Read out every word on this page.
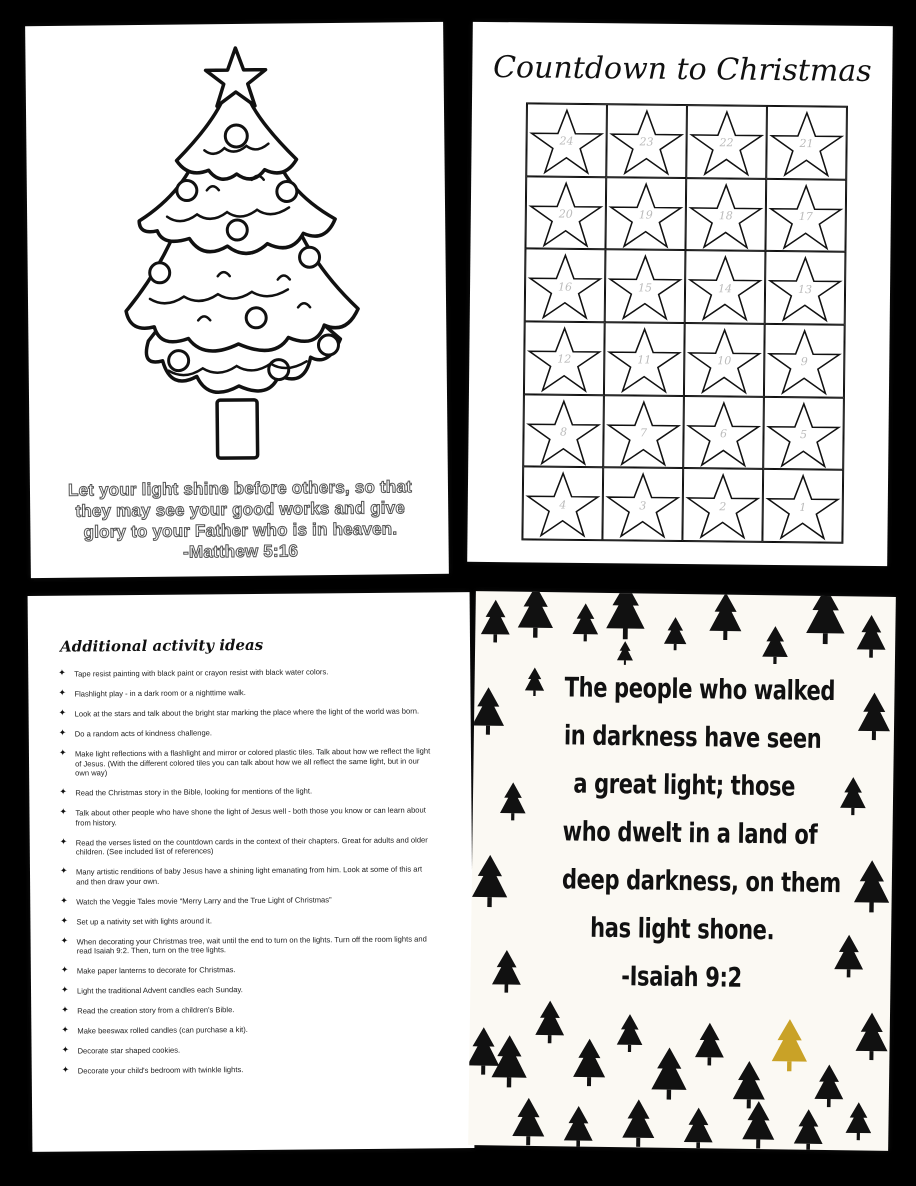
Let your light shine before others, so that
they may see your good works and give
glory to your Father who is in heaven.
-Matthew 5:16
Countdown to Christmas
24	23	22	21
20	19	18	17
16	15	14	13
12	11	10	9
8	7	6	5
4	3	2	1
Additional activity ideas
✦ Tape resist painting with black paint or crayon resist with black water colors.
✦ Flashlight play - in a dark room or a nighttime walk.
✦ Look at the stars and talk about the bright star marking the place where the light of the world was born.
✦ Do a random acts of kindness challenge.
✦ Make light reflections with a flashlight and mirror or colored plastic tiles. Talk about how we reflect the light of Jesus. (With the different colored tiles you can talk about how we all reflect the same light, but in our own way)
✦ Read the Christmas story in the Bible, looking for mentions of the light.
✦ Talk about other people who have shone the light of Jesus well - both those you know or can learn about from history.
✦ Read the verses listed on the countdown cards in the context of their chapters. Great for adults and older children. (See included list of references)
✦ Many artistic renditions of baby Jesus have a shining light emanating from him. Look at some of this art and then draw your own.
✦ Watch the Veggie Tales movie “Merry Larry and the True Light of Christmas”
✦ Set up a nativity set with lights around it.
✦ When decorating your Christmas tree, wait until the end to turn on the lights. Turn off the room lights and read Isaiah 9:2. Then, turn on the tree lights.
✦ Make paper lanterns to decorate for Christmas.
✦ Light the traditional Advent candles each Sunday.
✦ Read the creation story from a children's Bible.
✦ Make beeswax rolled candles (can purchase a kit).
✦ Decorate star shaped cookies.
✦ Decorate your child's bedroom with twinkle lights.
The people who walked
in darkness have seen
a great light; those
who dwelt in a land of
deep darkness, on them
has light shone.
-Isaiah 9:2
